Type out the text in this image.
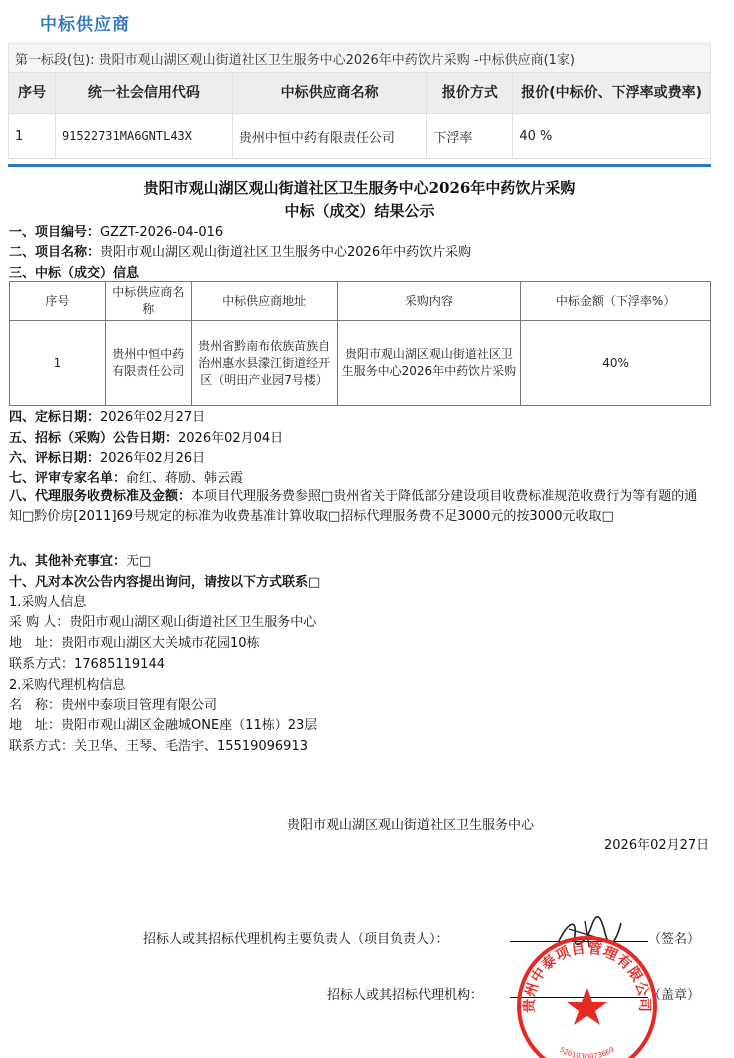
中标供应商
第一标段(包): 贵阳市观山湖区观山街道社区卫生服务中心2026年中药饮片采购 -中标供应商(1家)				
序号	统一社会信用代码	中标供应商名称	报价方式	报价(中标价、下浮率或费率)
1	91522731MA6GNTL43X	贵州中恒中药有限责任公司	下浮率	40 %
贵阳市观山湖区观山街道社区卫生服务中心2026年中药饮片采购
中标（成交）结果公示
一、项目编号：GZZT-2026-04-016
二、项目名称：贵阳市观山湖区观山街道社区卫生服务中心2026年中药饮片采购
三、中标（成交）信息
序号	中标供应商名称	中标供应商地址	采购内容	中标金额（下浮率%）
1	贵州中恒中药有限责任公司	贵州省黔南布依族苗族自治州惠水县濛江街道经开区（明田产业园7号楼）	贵阳市观山湖区观山街道社区卫生服务中心2026年中药饮片采购	40%
四、定标日期：2026年02月27日
五、招标（采购）公告日期：2026年02月04日
六、评标日期：2026年02月26日
七、评审专家名单：俞红、蒋励、韩云霞
八、代理服务收费标准及金额：本项目代理服务费参照□贵州省关于降低部分建设项目收费标准规范收费行为等有题的通知□黔价房[2011]69号规定的标准为收费基准计算收取□招标代理服务费不足3000元的按3000元收取□
九、其他补充事宜：无□
十、凡对本次公告内容提出询问，请按以下方式联系□
1.采购人信息
采 购 人：贵阳市观山湖区观山街道社区卫生服务中心
地　址：贵阳市观山湖区大关城市花园10栋
联系方式：17685119144
2.采购代理机构信息
名　称：贵州中泰项目管理有限公司
地　址：贵阳市观山湖区金融城ONE座（11栋）23层
联系方式：关卫华、王琴、毛浩宇、15519096913
贵阳市观山湖区观山街道社区卫生服务中心
2026年02月27日
招标人或其招标代理机构主要负责人（项目负责人）：	（签名）
招标人或其招标代理机构：	（盖章）
贵州中泰项目管理有限公司
5201030073669
